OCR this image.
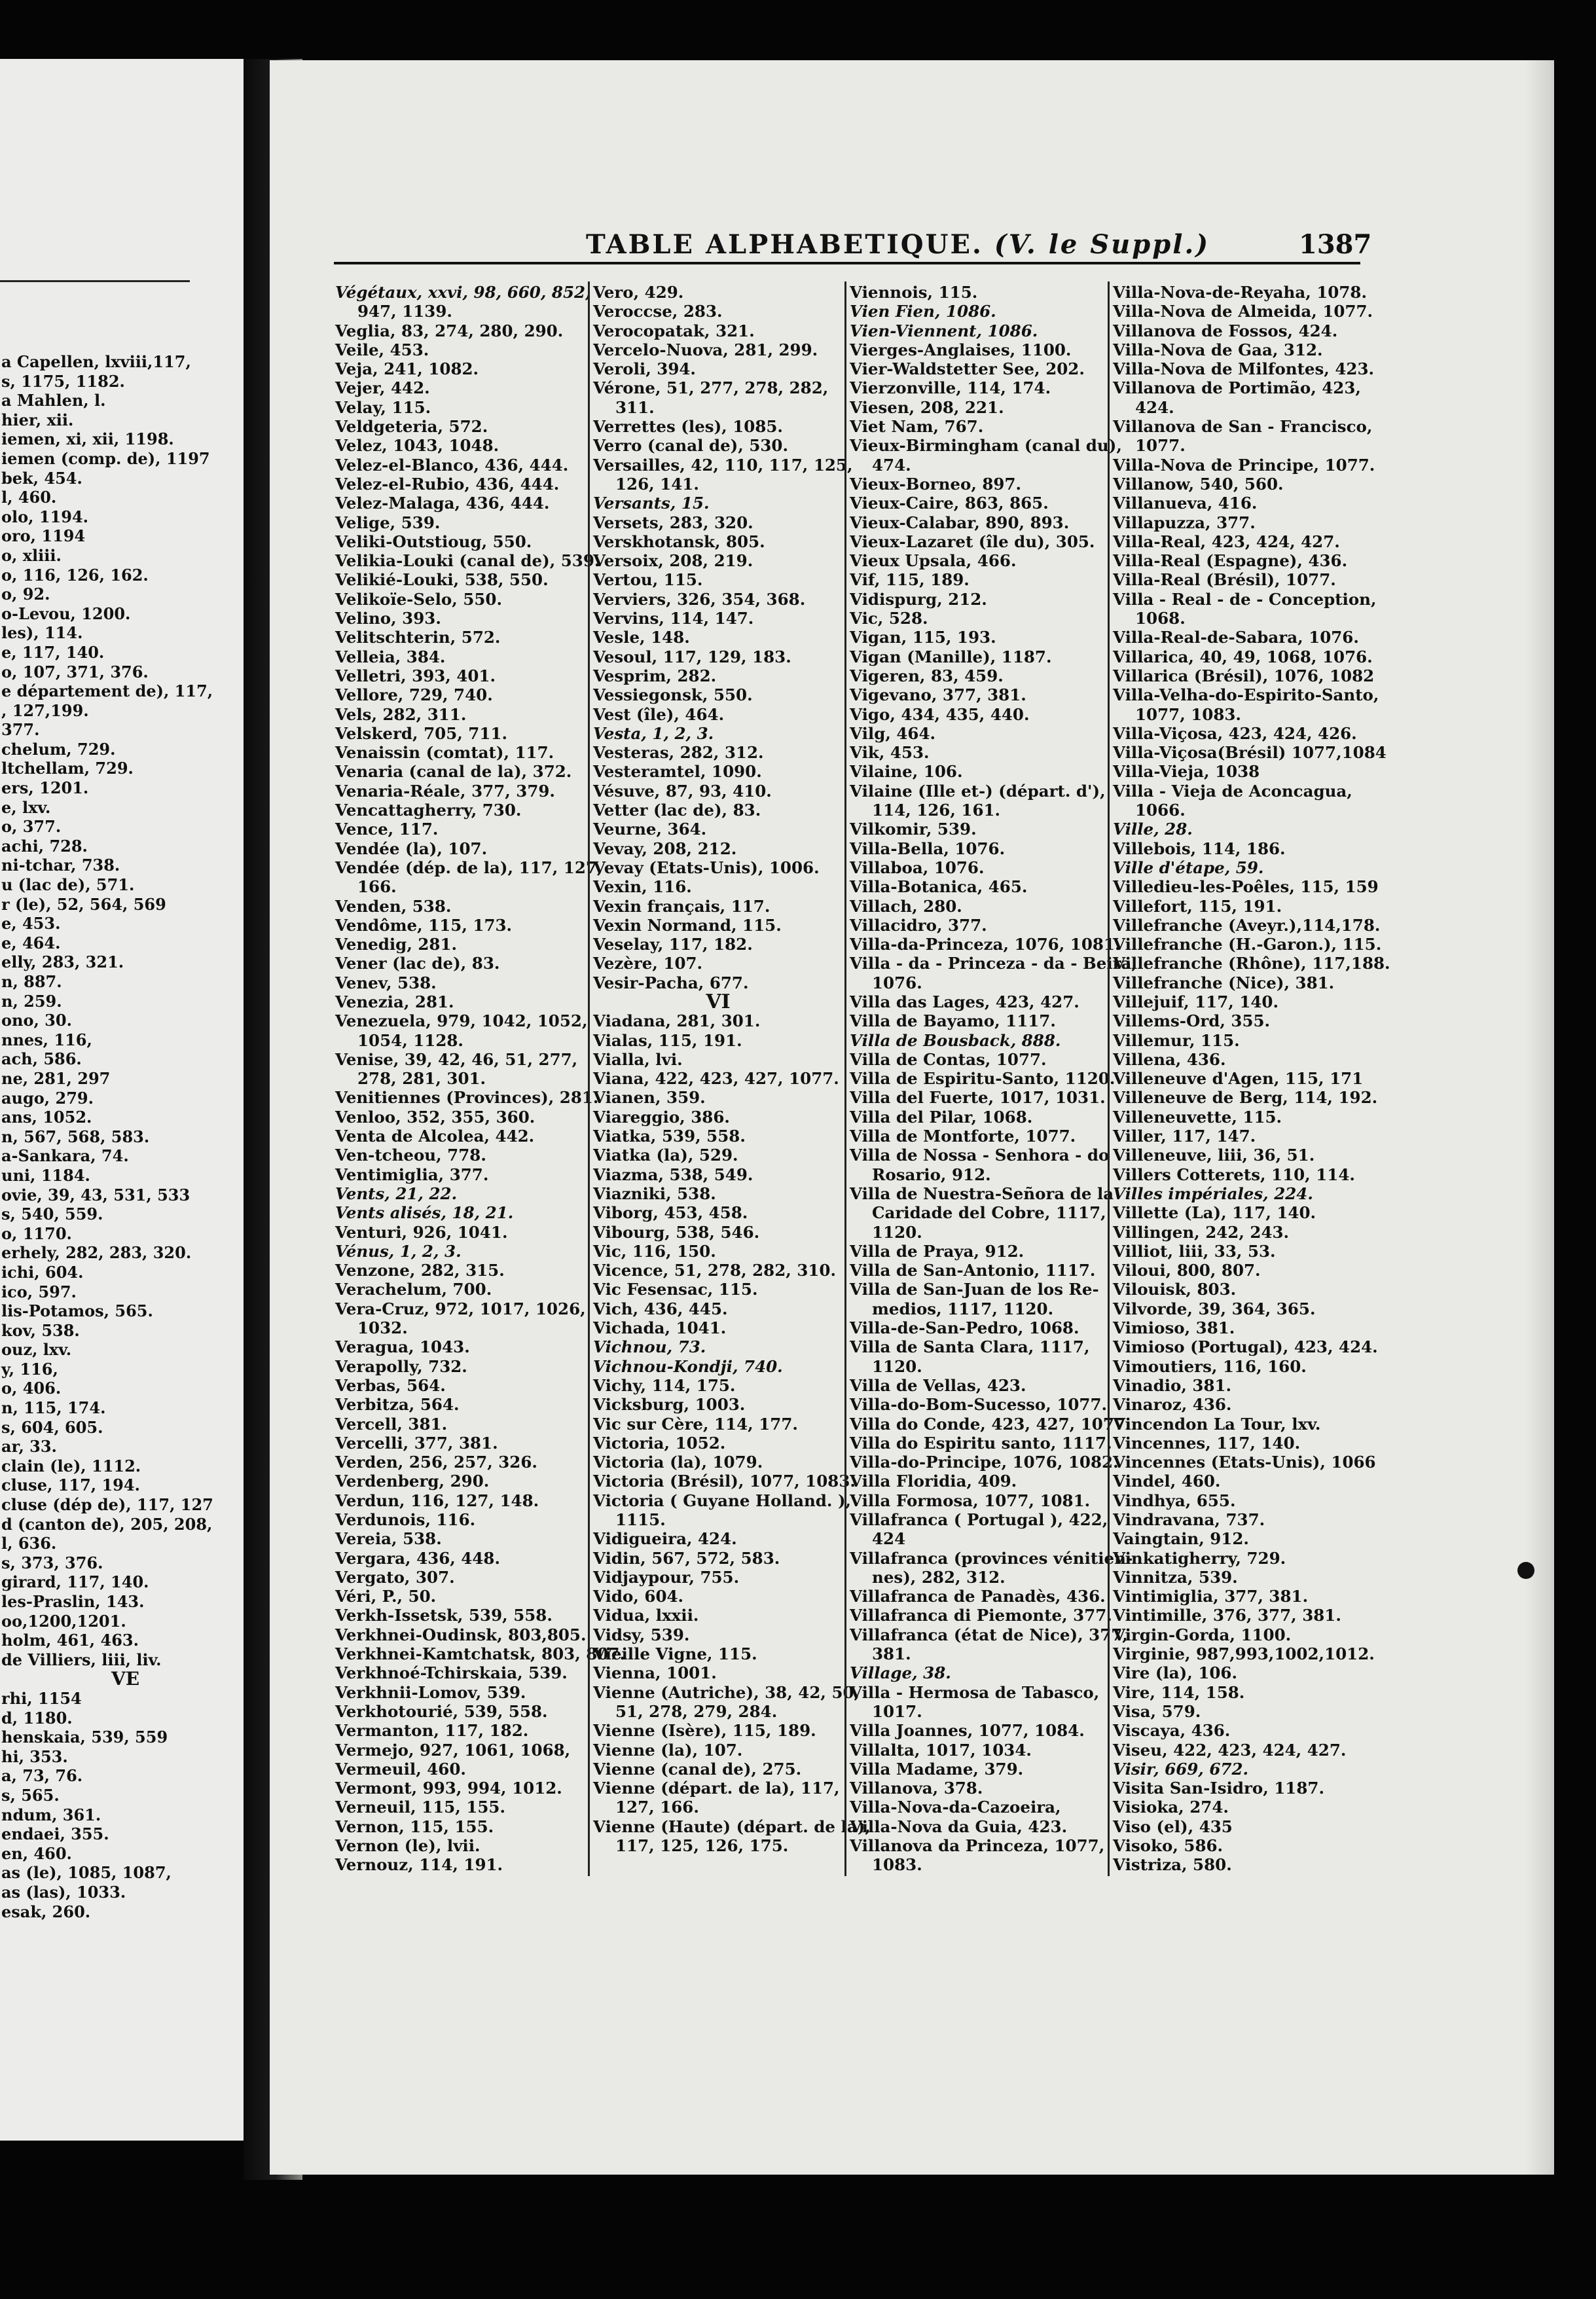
a Capellen, lxviii,117,
s, 1175, 1182.
a Mahlen, l.
hier, xii.
iemen, xi, xii, 1198.
iemen (comp. de), 1197
bek, 454.
l, 460.
olo, 1194.
oro, 1194
o, xliii.
o, 116, 126, 162.
o, 92.
o-Levou, 1200.
les), 114.
e, 117, 140.
o, 107, 371, 376.
e département de), 117,
, 127,199.
377.
chelum, 729.
ltchellam, 729.
ers, 1201.
e, lxv.
o, 377.
achi, 728.
ni-tchar, 738.
u (lac de), 571.
r (le), 52, 564, 569
e, 453.
e, 464.
elly, 283, 321.
n, 887.
n, 259.
ono, 30.
nnes, 116,
ach, 586.
ne, 281, 297
augo, 279.
ans, 1052.
n, 567, 568, 583.
a-Sankara, 74.
uni, 1184.
ovie, 39, 43, 531, 533
s, 540, 559.
o, 1170.
erhely, 282, 283, 320.
ichi, 604.
ico, 597.
lis-Potamos, 565.
kov, 538.
ouz, lxv.
y, 116,
o, 406.
n, 115, 174.
s, 604, 605.
ar, 33.
clain (le), 1112.
cluse, 117, 194.
cluse (dép de), 117, 127
d (canton de), 205, 208,
l, 636.
s, 373, 376.
girard, 117, 140.
les-Praslin, 143.
oo,1200,1201.
holm, 461, 463.
de Villiers, liii, liv.
VE
rhi, 1154
d, 1180.
henskaia, 539, 559
hi, 353.
a, 73, 76.
s, 565.
ndum, 361.
endaei, 355.
en, 460.
as (le), 1085, 1087,
as (las), 1033.
esak, 260.
TABLE ALPHABETIQUE. (V. le Suppl.)	1387
Végétaux, xxvi, 98, 660, 852,
947, 1139.
Veglia, 83, 274, 280, 290.
Veile, 453.
Veja, 241, 1082.
Vejer, 442.
Velay, 115.
Veldgeteria, 572.
Velez, 1043, 1048.
Velez-el-Blanco, 436, 444.
Velez-el-Rubio, 436, 444.
Velez-Malaga, 436, 444.
Velige, 539.
Veliki-Outstioug, 550.
Velikia-Louki (canal de), 539.
Velikié-Louki, 538, 550.
Velikoïe-Selo, 550.
Velino, 393.
Velitschterin, 572.
Velleia, 384.
Velletri, 393, 401.
Vellore, 729, 740.
Vels, 282, 311.
Velskerd, 705, 711.
Venaissin (comtat), 117.
Venaria (canal de la), 372.
Venaria-Réale, 377, 379.
Vencattagherry, 730.
Vence, 117.
Vendée (la), 107.
Vendée (dép. de la), 117, 127,
166.
Venden, 538.
Vendôme, 115, 173.
Venedig, 281.
Vener (lac de), 83.
Venev, 538.
Venezia, 281.
Venezuela, 979, 1042, 1052,
1054, 1128.
Venise, 39, 42, 46, 51, 277,
278, 281, 301.
Venitiennes (Provinces), 281.
Venloo, 352, 355, 360.
Venta de Alcolea, 442.
Ven-tcheou, 778.
Ventimiglia, 377.
Vents, 21, 22.
Vents alisés, 18, 21.
Venturi, 926, 1041.
Vénus, 1, 2, 3.
Venzone, 282, 315.
Verachelum, 700.
Vera-Cruz, 972, 1017, 1026,
1032.
Veragua, 1043.
Verapolly, 732.
Verbas, 564.
Verbitza, 564.
Vercell, 381.
Vercelli, 377, 381.
Verden, 256, 257, 326.
Verdenberg, 290.
Verdun, 116, 127, 148.
Verdunois, 116.
Vereia, 538.
Vergara, 436, 448.
Vergato, 307.
Véri, P., 50.
Verkh-Issetsk, 539, 558.
Verkhnei-Oudinsk, 803,805.
Verkhnei-Kamtchatsk, 803, 807.
Verkhnoé-Tchirskaia, 539.
Verkhnii-Lomov, 539.
Verkhotourié, 539, 558.
Vermanton, 117, 182.
Vermejo, 927, 1061, 1068,
Vermeuil, 460.
Vermont, 993, 994, 1012.
Verneuil, 115, 155.
Vernon, 115, 155.
Vernon (le), lvii.
Vernouz, 114, 191.
Vero, 429.
Veroccse, 283.
Verocopatak, 321.
Vercelo-Nuova, 281, 299.
Veroli, 394.
Vérone, 51, 277, 278, 282,
311.
Verrettes (les), 1085.
Verro (canal de), 530.
Versailles, 42, 110, 117, 125,
126, 141.
Versants, 15.
Versets, 283, 320.
Verskhotansk, 805.
Versoix, 208, 219.
Vertou, 115.
Verviers, 326, 354, 368.
Vervins, 114, 147.
Vesle, 148.
Vesoul, 117, 129, 183.
Vesprim, 282.
Vessiegonsk, 550.
Vest (île), 464.
Vesta, 1, 2, 3.
Vesteras, 282, 312.
Vesteramtel, 1090.
Vésuve, 87, 93, 410.
Vetter (lac de), 83.
Veurne, 364.
Vevay, 208, 212.
Vevay (Etats-Unis), 1006.
Vexin, 116.
Vexin français, 117.
Vexin Normand, 115.
Veselay, 117, 182.
Vezère, 107.
Vesir-Pacha, 677.
VI
Viadana, 281, 301.
Vialas, 115, 191.
Vialla, lvi.
Viana, 422, 423, 427, 1077.
Vianen, 359.
Viareggio, 386.
Viatka, 539, 558.
Viatka (la), 529.
Viazma, 538, 549.
Viazniki, 538.
Viborg, 453, 458.
Vibourg, 538, 546.
Vic, 116, 150.
Vicence, 51, 278, 282, 310.
Vic Fesensac, 115.
Vich, 436, 445.
Vichada, 1041.
Vichnou, 73.
Vichnou-Kondji, 740.
Vichy, 114, 175.
Vicksburg, 1003.
Vic sur Cère, 114, 177.
Victoria, 1052.
Victoria (la), 1079.
Victoria (Brésil), 1077, 1083.
Victoria ( Guyane Holland. ),
1115.
Vidigueira, 424.
Vidin, 567, 572, 583.
Vidjaypour, 755.
Vido, 604.
Vidua, lxxii.
Vidsy, 539.
Vieille Vigne, 115.
Vienna, 1001.
Vienne (Autriche), 38, 42, 50,
51, 278, 279, 284.
Vienne (Isère), 115, 189.
Vienne (la), 107.
Vienne (canal de), 275.
Vienne (départ. de la), 117,
127, 166.
Vienne (Haute) (départ. de la),
117, 125, 126, 175.
Viennois, 115.
Vien Fien, 1086.
Vien-Viennent, 1086.
Vierges-Anglaises, 1100.
Vier-Waldstetter See, 202.
Vierzonville, 114, 174.
Viesen, 208, 221.
Viet Nam, 767.
Vieux-Birmingham (canal du),
474.
Vieux-Borneo, 897.
Vieux-Caire, 863, 865.
Vieux-Calabar, 890, 893.
Vieux-Lazaret (île du), 305.
Vieux Upsala, 466.
Vif, 115, 189.
Vidispurg, 212.
Vic, 528.
Vigan, 115, 193.
Vigan (Manille), 1187.
Vigeren, 83, 459.
Vigevano, 377, 381.
Vigo, 434, 435, 440.
Vilg, 464.
Vik, 453.
Vilaine, 106.
Vilaine (Ille et-) (départ. d'),
114, 126, 161.
Vilkomir, 539.
Villa-Bella, 1076.
Villaboa, 1076.
Villa-Botanica, 465.
Villach, 280.
Villacidro, 377.
Villa-da-Princeza, 1076, 1081.
Villa - da - Princeza - da - Beira,
1076.
Villa das Lages, 423, 427.
Villa de Bayamo, 1117.
Villa de Bousback, 888.
Villa de Contas, 1077.
Villa de Espiritu-Santo, 1120.
Villa del Fuerte, 1017, 1031.
Villa del Pilar, 1068.
Villa de Montforte, 1077.
Villa de Nossa - Senhora - do
Rosario, 912.
Villa de Nuestra-Señora de la
Caridade del Cobre, 1117,
1120.
Villa de Praya, 912.
Villa de San-Antonio, 1117.
Villa de San-Juan de los Re-
medios, 1117, 1120.
Villa-de-San-Pedro, 1068.
Villa de Santa Clara, 1117,
1120.
Villa de Vellas, 423.
Villa-do-Bom-Sucesso, 1077.
Villa do Conde, 423, 427, 1077.
Villa do Espiritu santo, 1117.
Villa-do-Principe, 1076, 1082.
Villa Floridia, 409.
Villa Formosa, 1077, 1081.
Villafranca ( Portugal ), 422,
424
Villafranca (provinces vénitien-
nes), 282, 312.
Villafranca de Panadès, 436.
Villafranca di Piemonte, 377.
Villafranca (état de Nice), 377,
381.
Village, 38.
Villa - Hermosa de Tabasco,
1017.
Villa Joannes, 1077, 1084.
Villalta, 1017, 1034.
Villa Madame, 379.
Villanova, 378.
Villa-Nova-da-Cazoeira,
Villa-Nova da Guia, 423.
Villanova da Princeza, 1077,
1083.
Villa-Nova-de-Reyaha, 1078.
Villa-Nova de Almeida, 1077.
Villanova de Fossos, 424.
Villa-Nova de Gaa, 312.
Villa-Nova de Milfontes, 423.
Villanova de Portimão, 423,
424.
Villanova de San - Francisco,
1077.
Villa-Nova de Principe, 1077.
Villanow, 540, 560.
Villanueva, 416.
Villapuzza, 377.
Villa-Real, 423, 424, 427.
Villa-Real (Espagne), 436.
Villa-Real (Brésil), 1077.
Villa - Real - de - Conception,
1068.
Villa-Real-de-Sabara, 1076.
Villarica, 40, 49, 1068, 1076.
Villarica (Brésil), 1076, 1082
Villa-Velha-do-Espirito-Santo,
1077, 1083.
Villa-Viçosa, 423, 424, 426.
Villa-Viçosa(Brésil) 1077,1084
Villa-Vieja, 1038
Villa - Vieja de Aconcagua,
1066.
Ville, 28.
Villebois, 114, 186.
Ville d'étape, 59.
Villedieu-les-Poêles, 115, 159
Villefort, 115, 191.
Villefranche (Aveyr.),114,178.
Villefranche (H.-Garon.), 115.
Villefranche (Rhône), 117,188.
Villefranche (Nice), 381.
Villejuif, 117, 140.
Villems-Ord, 355.
Villemur, 115.
Villena, 436.
Villeneuve d'Agen, 115, 171
Villeneuve de Berg, 114, 192.
Villeneuvette, 115.
Viller, 117, 147.
Villeneuve, liii, 36, 51.
Villers Cotterets, 110, 114.
Villes impériales, 224.
Villette (La), 117, 140.
Villingen, 242, 243.
Villiot, liii, 33, 53.
Viloui, 800, 807.
Vilouisk, 803.
Vilvorde, 39, 364, 365.
Vimioso, 381.
Vimioso (Portugal), 423, 424.
Vimoutiers, 116, 160.
Vinadio, 381.
Vinaroz, 436.
Vincendon La Tour, lxv.
Vincennes, 117, 140.
Vincennes (Etats-Unis), 1066
Vindel, 460.
Vindhya, 655.
Vindravana, 737.
Vaingtain, 912.
Vinkatigherry, 729.
Vinnitza, 539.
Vintimiglia, 377, 381.
Vintimille, 376, 377, 381.
Virgin-Gorda, 1100.
Virginie, 987,993,1002,1012.
Vire (la), 106.
Vire, 114, 158.
Visa, 579.
Viscaya, 436.
Viseu, 422, 423, 424, 427.
Visir, 669, 672.
Visita San-Isidro, 1187.
Visioka, 274.
Viso (el), 435
Visoko, 586.
Vistriza, 580.
